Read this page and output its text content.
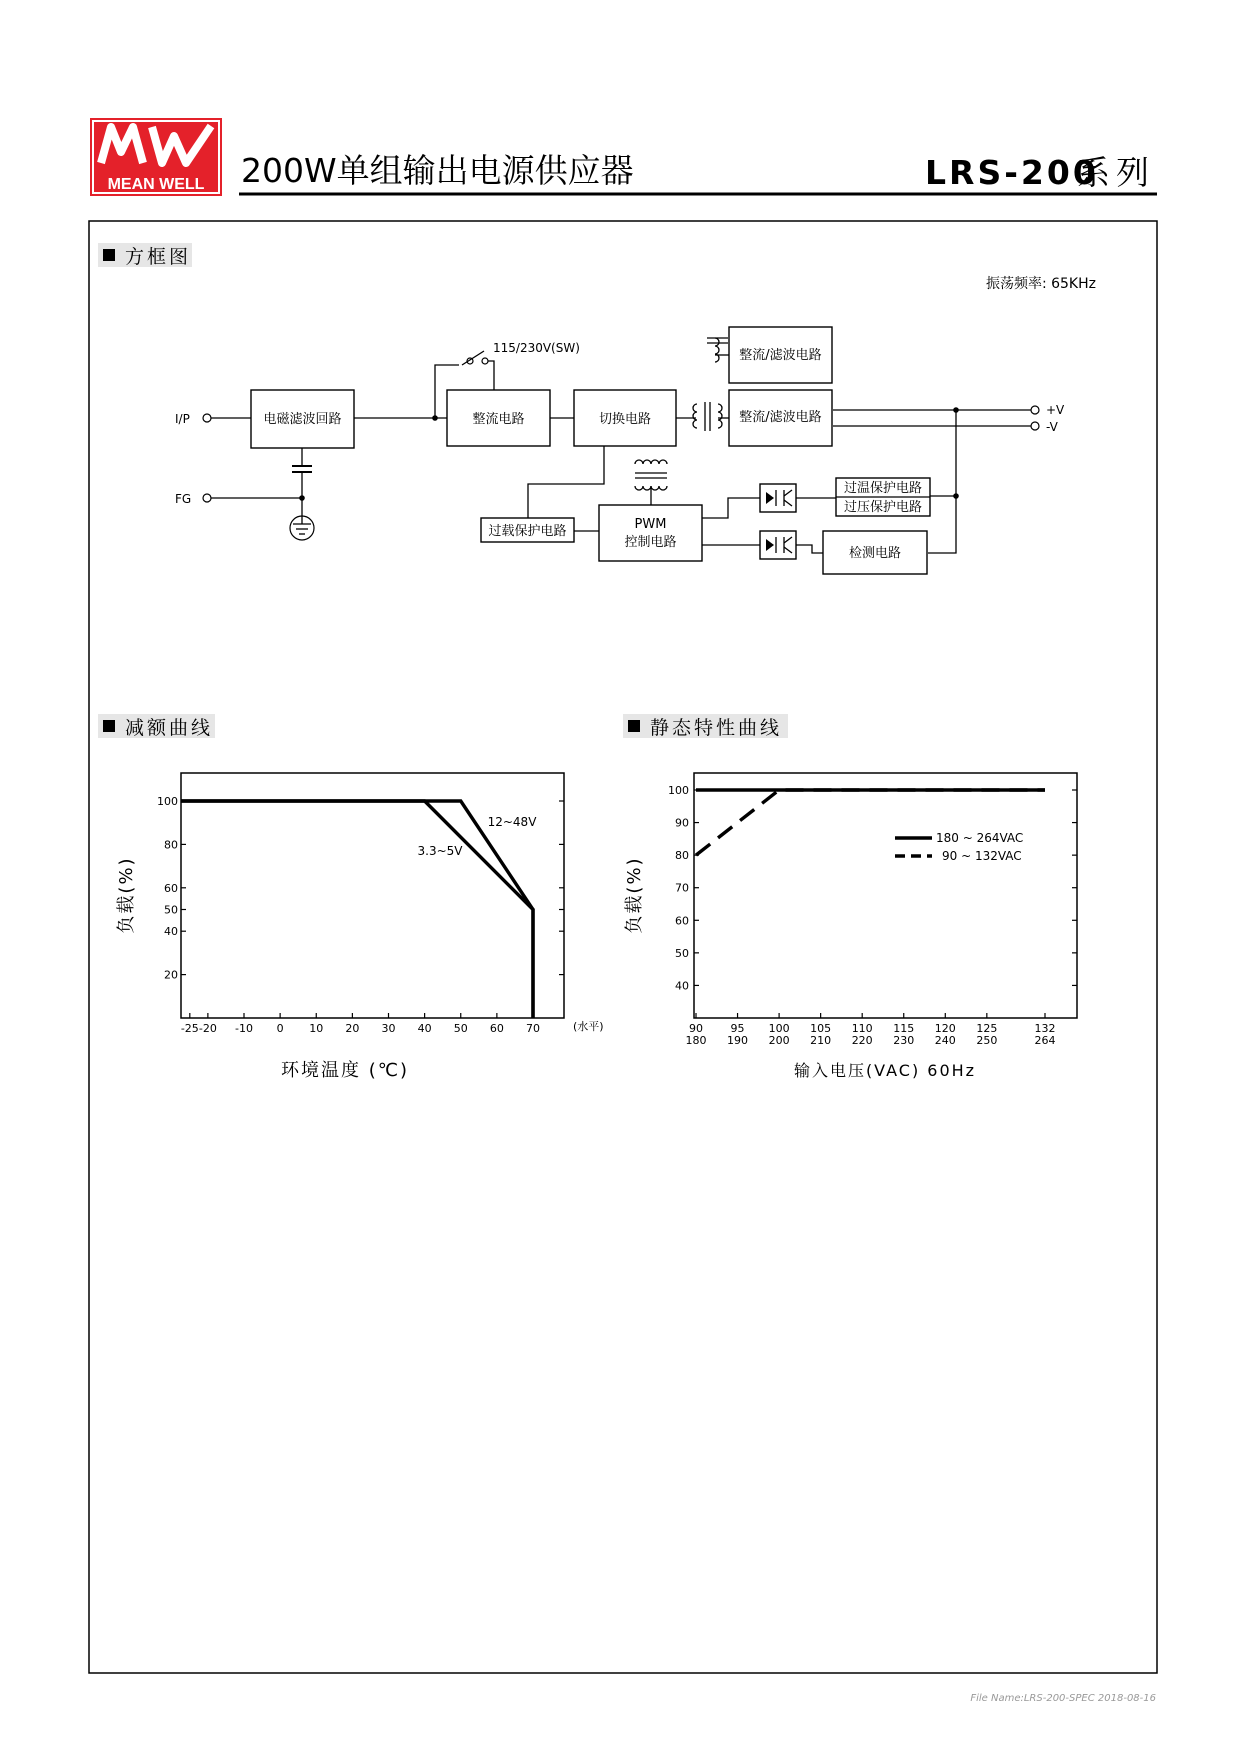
MEAN WELL 200W单组输出电源供应器	LRS-200
系列
方框图
振荡频率: 65KHz
电磁滤波回路	整流电路	切换电路
整流/滤波电路
整流/滤波电路
过载保护电路	PWM
控制电路
过温保护电路
过压保护电路
检测电路
I/P
FG
115/230V(SW)
+V
-V
减额曲线
-25 -20 -10 0 10 20 30 40 50 60 70
100
80
60
50
40
20
12~48V
3.3~5V
(水平)
负载(%)
环境温度 (℃)
静态特性曲线
90
180
95
190
100
200
105
210
110
220
115
230
120
240
125
250
132
264
100
90
80
70
60
50
40
180 ~ 264VAC
90 ~ 132VAC
负载(%)
输入电压(VAC) 60Hz
File Name:LRS-200-SPEC 2018-08-16
